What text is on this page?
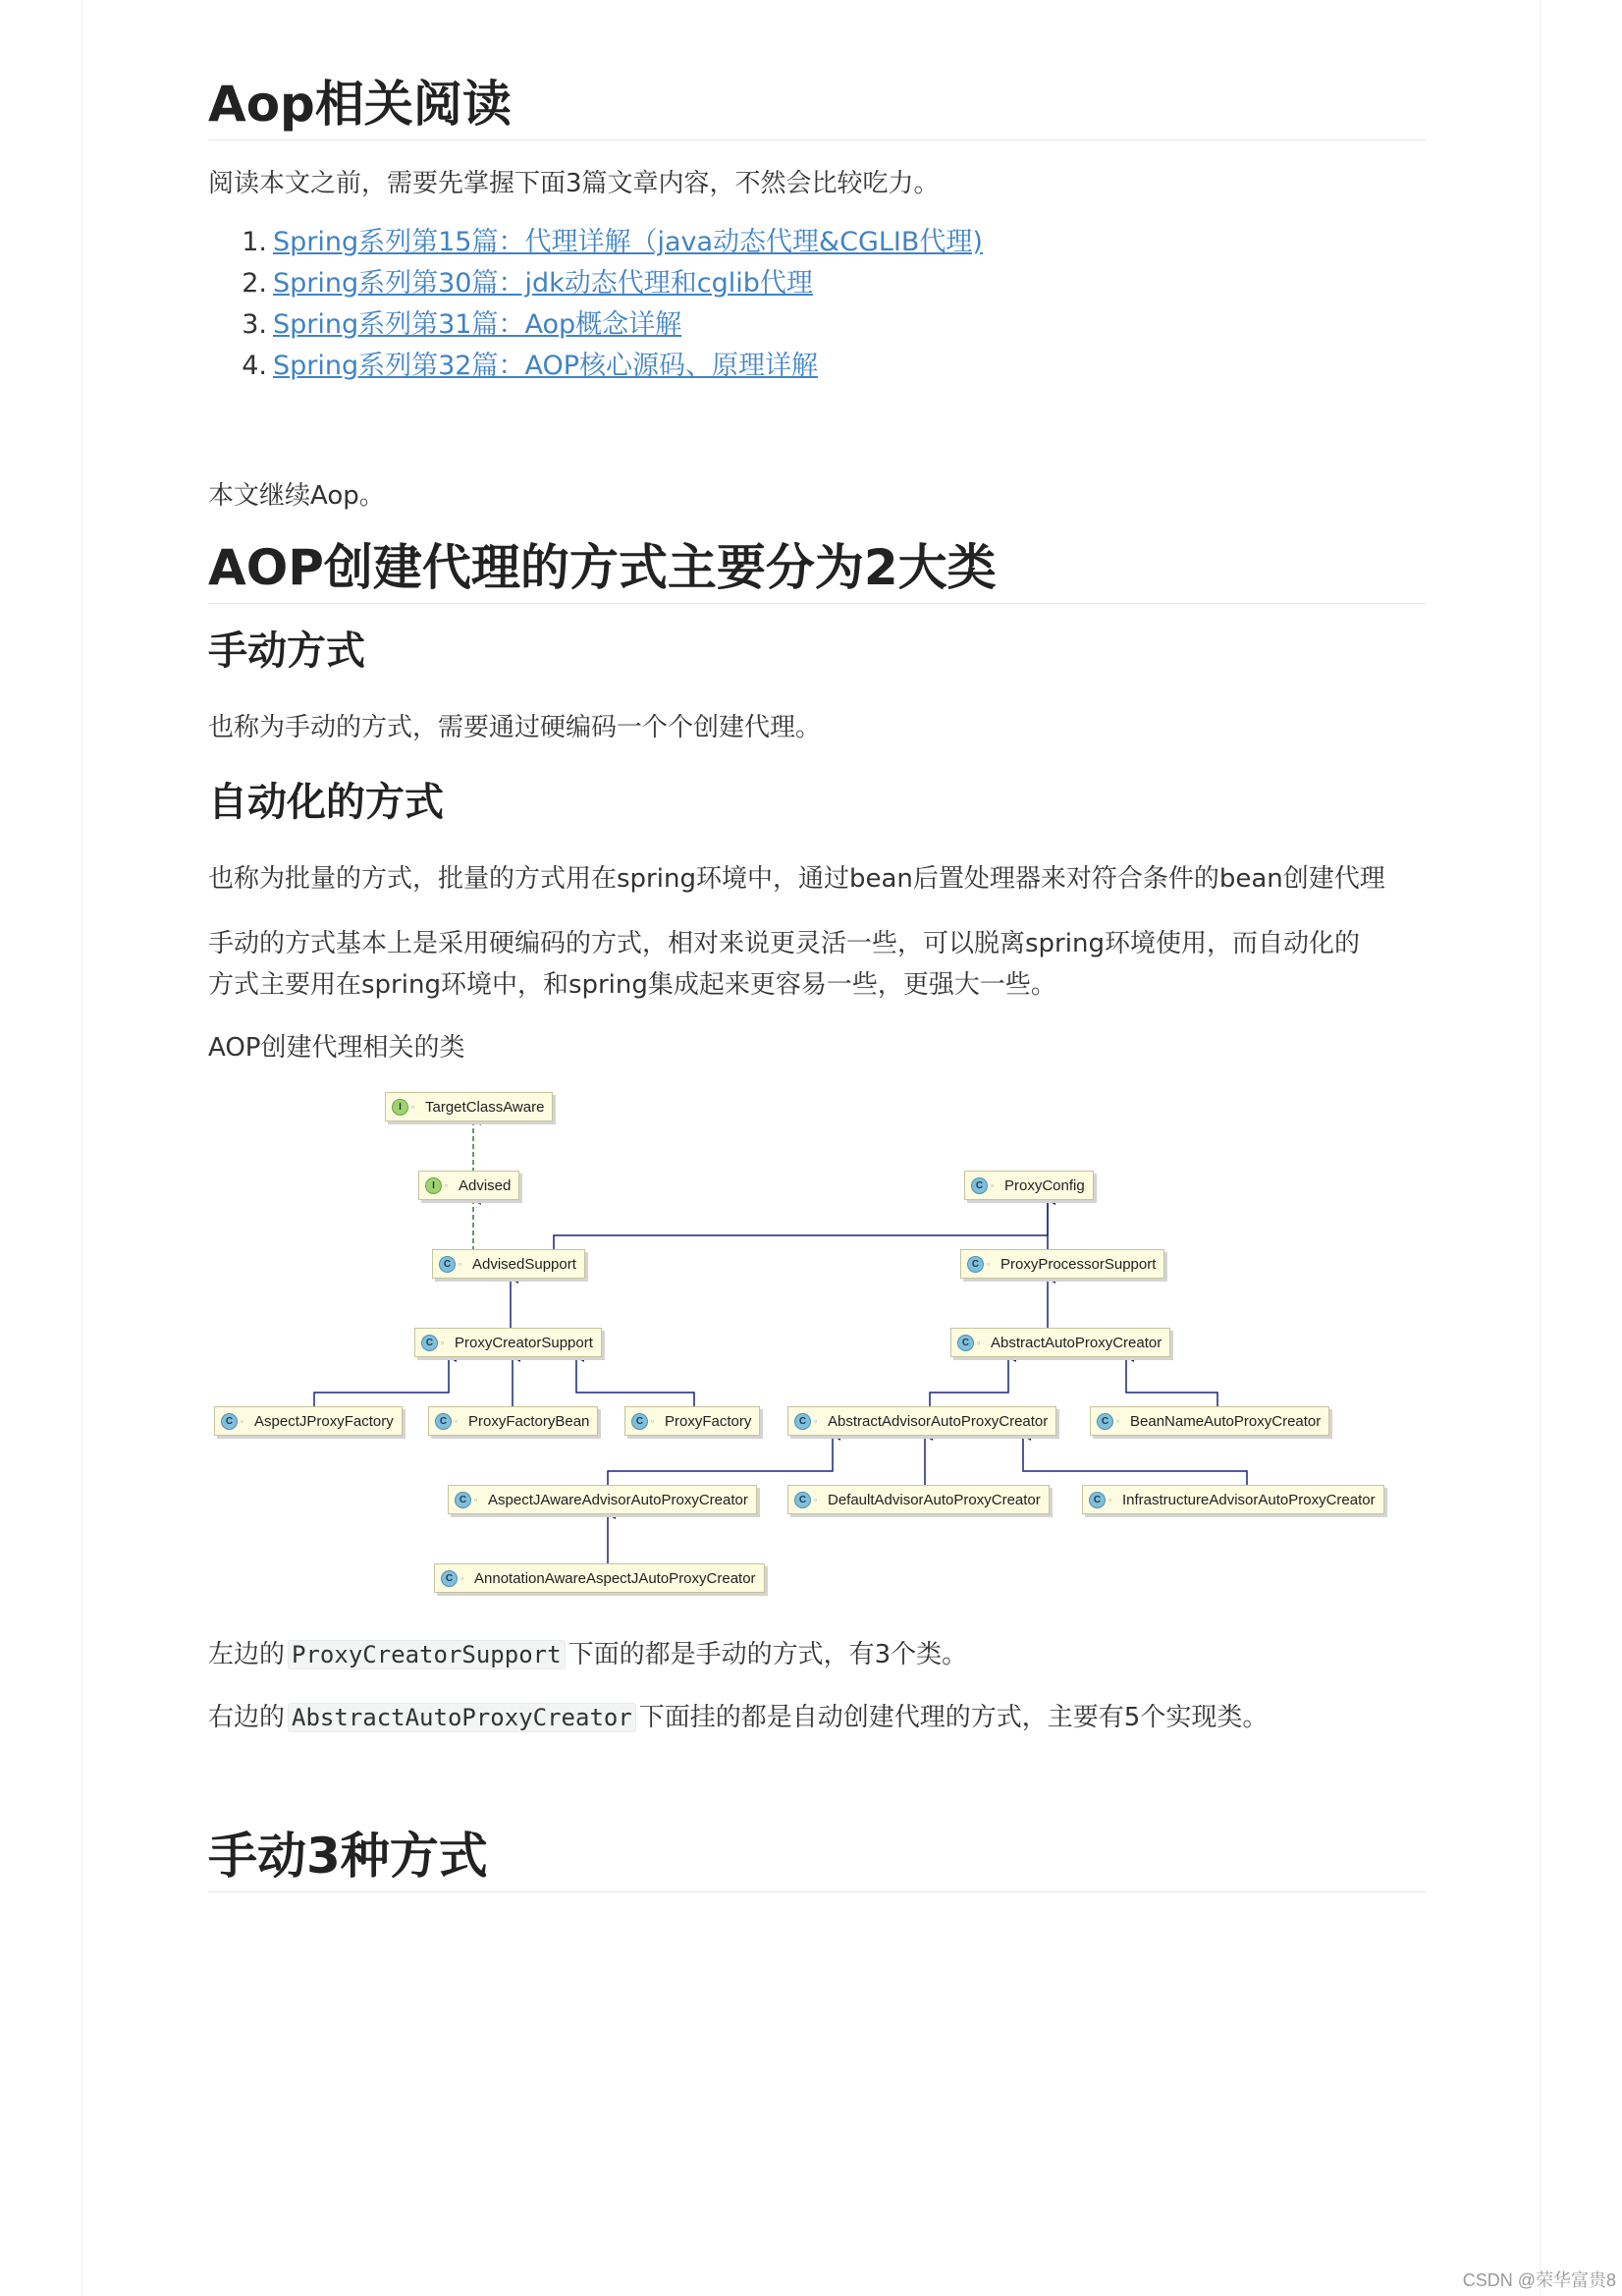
Aop相关阅读
阅读本文之前，需要先掌握下面3篇文章内容，不然会比较吃力。
1. Spring系列第15篇：代理详解（java动态代理&CGLIB代理)
2. Spring系列第30篇：jdk动态代理和cglib代理
3. Spring系列第31篇：Aop概念详解
4. Spring系列第32篇：AOP核心源码、原理详解
本文继续Aop。
AOP创建代理的方式主要分为2大类
手动方式
也称为手动的方式，需要通过硬编码一个个创建代理。
自动化的方式
也称为批量的方式，批量的方式用在spring环境中，通过bean后置处理器来对符合条件的bean创建代理
手动的方式基本上是采用硬编码的方式，相对来说更灵活一些，可以脱离spring环境使用，而自动化的
方式主要用在spring环境中，和spring集成起来更容易一些，更强大一些。
AOP创建代理相关的类
I	▫ TargetClassAware
I	▫ Advised	C ▫ ProxyConfig
C ▫ AdvisedSupport	C ▫ ProxyProcessorSupport
C ▫ ProxyCreatorSupport	C ▫ AbstractAutoProxyCreator
C ▫ AspectJProxyFactory	C ▫ ProxyFactoryBean	C ▫ ProxyFactory	C ▫ AbstractAdvisorAutoProxyCreator	C ▫ BeanNameAutoProxyCreator
C ▫ AspectJAwareAdvisorAutoProxyCreator	C ▫ DefaultAdvisorAutoProxyCreator	C ▫ InfrastructureAdvisorAutoProxyCreator
C ▫ AnnotationAwareAspectJAutoProxyCreator
左边的 ProxyCreatorSupport 下面的都是手动的方式，有3个类。
右边的 AbstractAutoProxyCreator 下面挂的都是自动创建代理的方式，主要有5个实现类。
手动3种方式
CSDN @荣华富贵8
